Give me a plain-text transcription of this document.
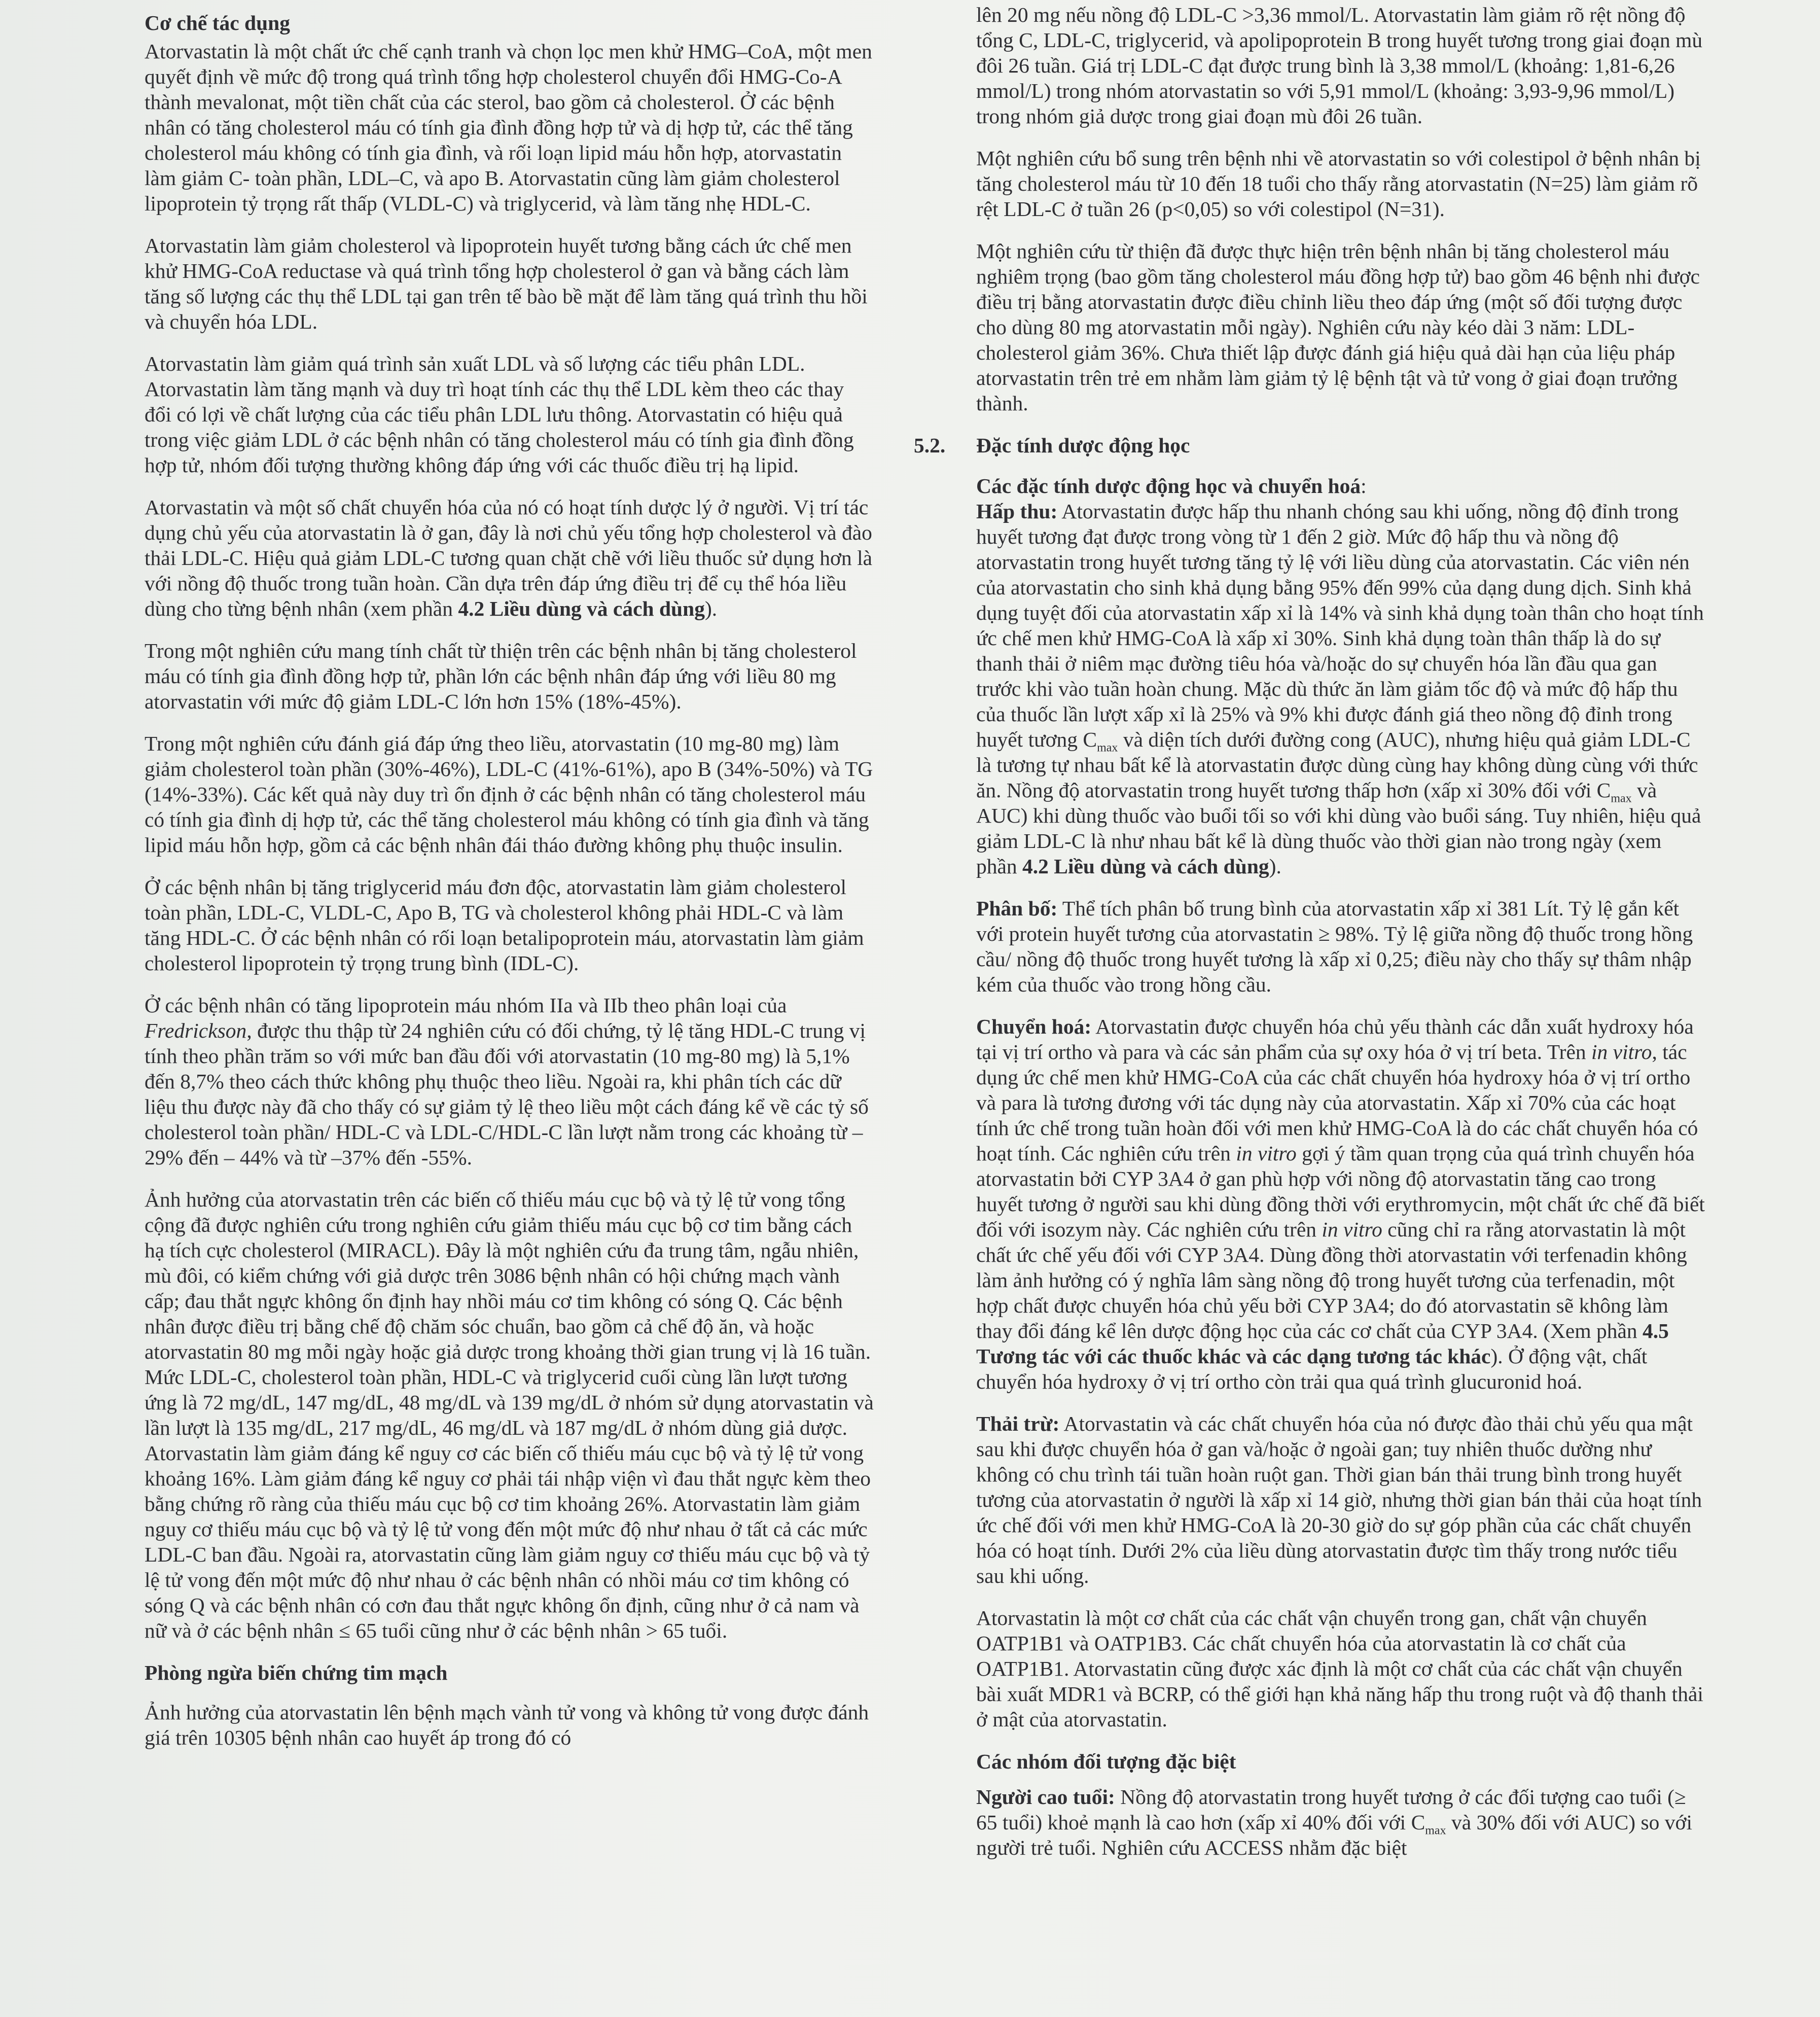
Cơ chế tác dụng

Atorvastatin là một chất ức chế cạnh tranh và chọn lọc men khử HMG–CoA, một men quyết định về mức độ trong quá trình tổng hợp cholesterol chuyển đổi HMG-Co-A thành mevalonat, một tiền chất của các sterol, bao gồm cả cholesterol. Ở các bệnh nhân có tăng cholesterol máu có tính gia đình đồng hợp tử và dị hợp tử, các thể tăng cholesterol máu không có tính gia đình, và rối loạn lipid máu hỗn hợp, atorvastatin làm giảm C- toàn phần, LDL–C, và apo B. Atorvastatin cũng làm giảm cholesterol lipoprotein tỷ trọng rất thấp (VLDL-C) và triglycerid, và làm tăng nhẹ HDL-C.

Atorvastatin làm giảm cholesterol và lipoprotein huyết tương bằng cách ức chế men khử HMG-CoA reductase và quá trình tổng hợp cholesterol ở gan và bằng cách làm tăng số lượng các thụ thể LDL tại gan trên tế bào bề mặt để làm tăng quá trình thu hồi và chuyển hóa LDL.

Atorvastatin làm giảm quá trình sản xuất LDL và số lượng các tiểu phân LDL. Atorvastatin làm tăng mạnh và duy trì hoạt tính các thụ thể LDL kèm theo các thay đổi có lợi về chất lượng của các tiểu phân LDL lưu thông. Atorvastatin có hiệu quả trong việc giảm LDL ở các bệnh nhân có tăng cholesterol máu có tính gia đình đồng hợp tử, nhóm đối tượng thường không đáp ứng với các thuốc điều trị hạ lipid.

Atorvastatin và một số chất chuyển hóa của nó có hoạt tính dược lý ở người. Vị trí tác dụng chủ yếu của atorvastatin là ở gan, đây là nơi chủ yếu tổng hợp cholesterol và đào thải LDL-C. Hiệu quả giảm LDL-C tương quan chặt chẽ với liều thuốc sử dụng hơn là với nồng độ thuốc trong tuần hoàn. Cần dựa trên đáp ứng điều trị để cụ thể hóa liều dùng cho từng bệnh nhân (xem phần 4.2 Liều dùng và cách dùng).

Trong một nghiên cứu mang tính chất từ thiện trên các bệnh nhân bị tăng cholesterol máu có tính gia đình đồng hợp tử, phần lớn các bệnh nhân đáp ứng với liều 80 mg atorvastatin với mức độ giảm LDL-C lớn hơn 15% (18%-45%).

Trong một nghiên cứu đánh giá đáp ứng theo liều, atorvastatin (10 mg-80 mg) làm giảm cholesterol toàn phần (30%-46%), LDL-C (41%-61%), apo B (34%-50%) và TG (14%-33%). Các kết quả này duy trì ổn định ở các bệnh nhân có tăng cholesterol máu có tính gia đình dị hợp tử, các thể tăng cholesterol máu không có tính gia đình và tăng lipid máu hỗn hợp, gồm cả các bệnh nhân đái tháo đường không phụ thuộc insulin.

Ở các bệnh nhân bị tăng triglycerid máu đơn độc, atorvastatin làm giảm cholesterol toàn phần, LDL-C, VLDL-C, Apo B, TG và cholesterol không phải HDL-C và làm tăng HDL-C. Ở các bệnh nhân có rối loạn betalipoprotein máu, atorvastatin làm giảm cholesterol lipoprotein tỷ trọng trung bình (IDL-C).

Ở các bệnh nhân có tăng lipoprotein máu nhóm IIa và IIb theo phân loại của Fredrickson, được thu thập từ 24 nghiên cứu có đối chứng, tỷ lệ tăng HDL-C trung vị tính theo phần trăm so với mức ban đầu đối với atorvastatin (10 mg-80 mg) là 5,1% đến 8,7% theo cách thức không phụ thuộc theo liều. Ngoài ra, khi phân tích các dữ liệu thu được này đã cho thấy có sự giảm tỷ lệ theo liều một cách đáng kể về các tỷ số cholesterol toàn phần/ HDL-C và LDL-C/HDL-C lần lượt nằm trong các khoảng từ –29% đến – 44% và từ –37% đến -55%.

Ảnh hưởng của atorvastatin trên các biến cố thiếu máu cục bộ và tỷ lệ tử vong tổng cộng đã được nghiên cứu trong nghiên cứu giảm thiếu máu cục bộ cơ tim bằng cách hạ tích cực cholesterol (MIRACL). Đây là một nghiên cứu đa trung tâm, ngẫu nhiên, mù đôi, có kiểm chứng với giả dược trên 3086 bệnh nhân có hội chứng mạch vành cấp; đau thắt ngực không ổn định hay nhồi máu cơ tim không có sóng Q. Các bệnh nhân được điều trị bằng chế độ chăm sóc chuẩn, bao gồm cả chế độ ăn, và hoặc atorvastatin 80 mg mỗi ngày hoặc giả dược trong khoảng thời gian trung vị là 16 tuần. Mức LDL-C, cholesterol toàn phần, HDL-C và triglycerid cuối cùng lần lượt tương ứng là 72 mg/dL, 147 mg/dL, 48 mg/dL và 139 mg/dL ở nhóm sử dụng atorvastatin và lần lượt là 135 mg/dL, 217 mg/dL, 46 mg/dL và 187 mg/dL ở nhóm dùng giả dược. Atorvastatin làm giảm đáng kể nguy cơ các biến cố thiếu máu cục bộ và tỷ lệ tử vong khoảng 16%. Làm giảm đáng kể nguy cơ phải tái nhập viện vì đau thắt ngực kèm theo bằng chứng rõ ràng của thiếu máu cục bộ cơ tim khoảng 26%. Atorvastatin làm giảm nguy cơ thiếu máu cục bộ và tỷ lệ tử vong đến một mức độ như nhau ở tất cả các mức LDL-C ban đầu. Ngoài ra, atorvastatin cũng làm giảm nguy cơ thiếu máu cục bộ và tỷ lệ tử vong đến một mức độ như nhau ở các bệnh nhân có nhồi máu cơ tim không có sóng Q và các bệnh nhân có cơn đau thắt ngực không ổn định, cũng như ở cả nam và nữ và ở các bệnh nhân ≤ 65 tuổi cũng như ở các bệnh nhân > 65 tuổi.

Phòng ngừa biến chứng tim mạch

Ảnh hưởng của atorvastatin lên bệnh mạch vành tử vong và không tử vong được đánh giá trên 10305 bệnh nhân cao huyết áp trong đó có

lên 20 mg nếu nồng độ LDL-C >3,36 mmol/L. Atorvastatin làm giảm rõ rệt nồng độ tổng C, LDL-C, triglycerid, và apolipoprotein B trong huyết tương trong giai đoạn mù đôi 26 tuần. Giá trị LDL-C đạt được trung bình là 3,38 mmol/L (khoảng: 1,81-6,26 mmol/L) trong nhóm atorvastatin so với 5,91 mmol/L (khoảng: 3,93-9,96 mmol/L) trong nhóm giả dược trong giai đoạn mù đôi 26 tuần.

Một nghiên cứu bổ sung trên bệnh nhi về atorvastatin so với colestipol ở bệnh nhân bị tăng cholesterol máu từ 10 đến 18 tuổi cho thấy rằng atorvastatin (N=25) làm giảm rõ rệt LDL-C ở tuần 26 (p<0,05) so với colestipol (N=31).

Một nghiên cứu từ thiện đã được thực hiện trên bệnh nhân bị tăng cholesterol máu nghiêm trọng (bao gồm tăng cholesterol máu đồng hợp tử) bao gồm 46 bệnh nhi được điều trị bằng atorvastatin được điều chỉnh liều theo đáp ứng (một số đối tượng được cho dùng 80 mg atorvastatin mỗi ngày). Nghiên cứu này kéo dài 3 năm: LDL-cholesterol giảm 36%. Chưa thiết lập được đánh giá hiệu quả dài hạn của liệu pháp atorvastatin trên trẻ em nhằm làm giảm tỷ lệ bệnh tật và tử vong ở giai đoạn trưởng thành.

5.2. Đặc tính dược động học
Các đặc tính dược động học và chuyển hoá:

Hấp thu: Atorvastatin được hấp thu nhanh chóng sau khi uống, nồng độ đỉnh trong huyết tương đạt được trong vòng từ 1 đến 2 giờ. Mức độ hấp thu và nồng độ atorvastatin trong huyết tương tăng tỷ lệ với liều dùng của atorvastatin. Các viên nén của atorvastatin cho sinh khả dụng bằng 95% đến 99% của dạng dung dịch. Sinh khả dụng tuyệt đối của atorvastatin xấp xỉ là 14% và sinh khả dụng toàn thân cho hoạt tính ức chế men khử HMG-CoA là xấp xỉ 30%. Sinh khả dụng toàn thân thấp là do sự thanh thải ở niêm mạc đường tiêu hóa và/hoặc do sự chuyển hóa lần đầu qua gan trước khi vào tuần hoàn chung. Mặc dù thức ăn làm giảm tốc độ và mức độ hấp thu của thuốc lần lượt xấp xỉ là 25% và 9% khi được đánh giá theo nồng độ đỉnh trong huyết tương $C_{max}$ và diện tích dưới đường cong (AUC), nhưng hiệu quả giảm LDL-C là tương tự nhau bất kể là atorvastatin được dùng cùng hay không dùng cùng với thức ăn. Nồng độ atorvastatin trong huyết tương thấp hơn (xấp xỉ 30% đối với $C_{max}$ và AUC) khi dùng thuốc vào buổi tối so với khi dùng vào buổi sáng. Tuy nhiên, hiệu quả giảm LDL-C là như nhau bất kể là dùng thuốc vào thời gian nào trong ngày (xem phần 4.2 Liều dùng và cách dùng).

Phân bố: Thể tích phân bố trung bình của atorvastatin xấp xỉ 381 Lít. Tỷ lệ gắn kết với protein huyết tương của atorvastatin ≥ 98%. Tỷ lệ giữa nồng độ thuốc trong hồng cầu/ nồng độ thuốc trong huyết tương là xấp xỉ 0,25; điều này cho thấy sự thâm nhập kém của thuốc vào trong hồng cầu.

Chuyển hoá: Atorvastatin được chuyển hóa chủ yếu thành các dẫn xuất hydroxy hóa tại vị trí ortho và para và các sản phẩm của sự oxy hóa ở vị trí beta. Trên in vitro, tác dụng ức chế men khử HMG-CoA của các chất chuyển hóa hydroxy hóa ở vị trí ortho và para là tương đương với tác dụng này của atorvastatin. Xấp xỉ 70% của các hoạt tính ức chế trong tuần hoàn đối với men khử HMG-CoA là do các chất chuyển hóa có hoạt tính. Các nghiên cứu trên in vitro gợi ý tầm quan trọng của quá trình chuyển hóa atorvastatin bởi CYP 3A4 ở gan phù hợp với nồng độ atorvastatin tăng cao trong huyết tương ở người sau khi dùng đồng thời với erythromycin, một chất ức chế đã biết đối với isozym này. Các nghiên cứu trên in vitro cũng chỉ ra rằng atorvastatin là một chất ức chế yếu đối với CYP 3A4. Dùng đồng thời atorvastatin với terfenadin không làm ảnh hưởng có ý nghĩa lâm sàng nồng độ trong huyết tương của terfenadin, một hợp chất được chuyển hóa chủ yếu bởi CYP 3A4; do đó atorvastatin sẽ không làm thay đổi đáng kể lên dược động học của các cơ chất của CYP 3A4. (Xem phần 4.5 Tương tác với các thuốc khác và các dạng tương tác khác). Ở động vật, chất chuyển hóa hydroxy ở vị trí ortho còn trải qua quá trình glucuronid hoá.

Thải trừ: Atorvastatin và các chất chuyển hóa của nó được đào thải chủ yếu qua mật sau khi được chuyển hóa ở gan và/hoặc ở ngoài gan; tuy nhiên thuốc dường như không có chu trình tái tuần hoàn ruột gan. Thời gian bán thải trung bình trong huyết tương của atorvastatin ở người là xấp xỉ 14 giờ, nhưng thời gian bán thải của hoạt tính ức chế đối với men khử HMG-CoA là 20-30 giờ do sự góp phần của các chất chuyển hóa có hoạt tính. Dưới 2% của liều dùng atorvastatin được tìm thấy trong nước tiểu sau khi uống.

Atorvastatin là một cơ chất của các chất vận chuyển trong gan, chất vận chuyển OATP1B1 và OATP1B3. Các chất chuyển hóa của atorvastatin là cơ chất của OATP1B1. Atorvastatin cũng được xác định là một cơ chất của các chất vận chuyển bài xuất MDR1 và BCRP, có thể giới hạn khả năng hấp thu trong ruột và độ thanh thải ở mật của atorvastatin.

Các nhóm đối tượng đặc biệt

Người cao tuổi: Nồng độ atorvastatin trong huyết tương ở các đối tượng cao tuổi (≥ 65 tuổi) khoẻ mạnh là cao hơn (xấp xỉ 40% đối với $C_{max}$ và 30% đối với AUC) so với người trẻ tuổi. Nghiên cứu ACCESS nhằm đặc biệt
